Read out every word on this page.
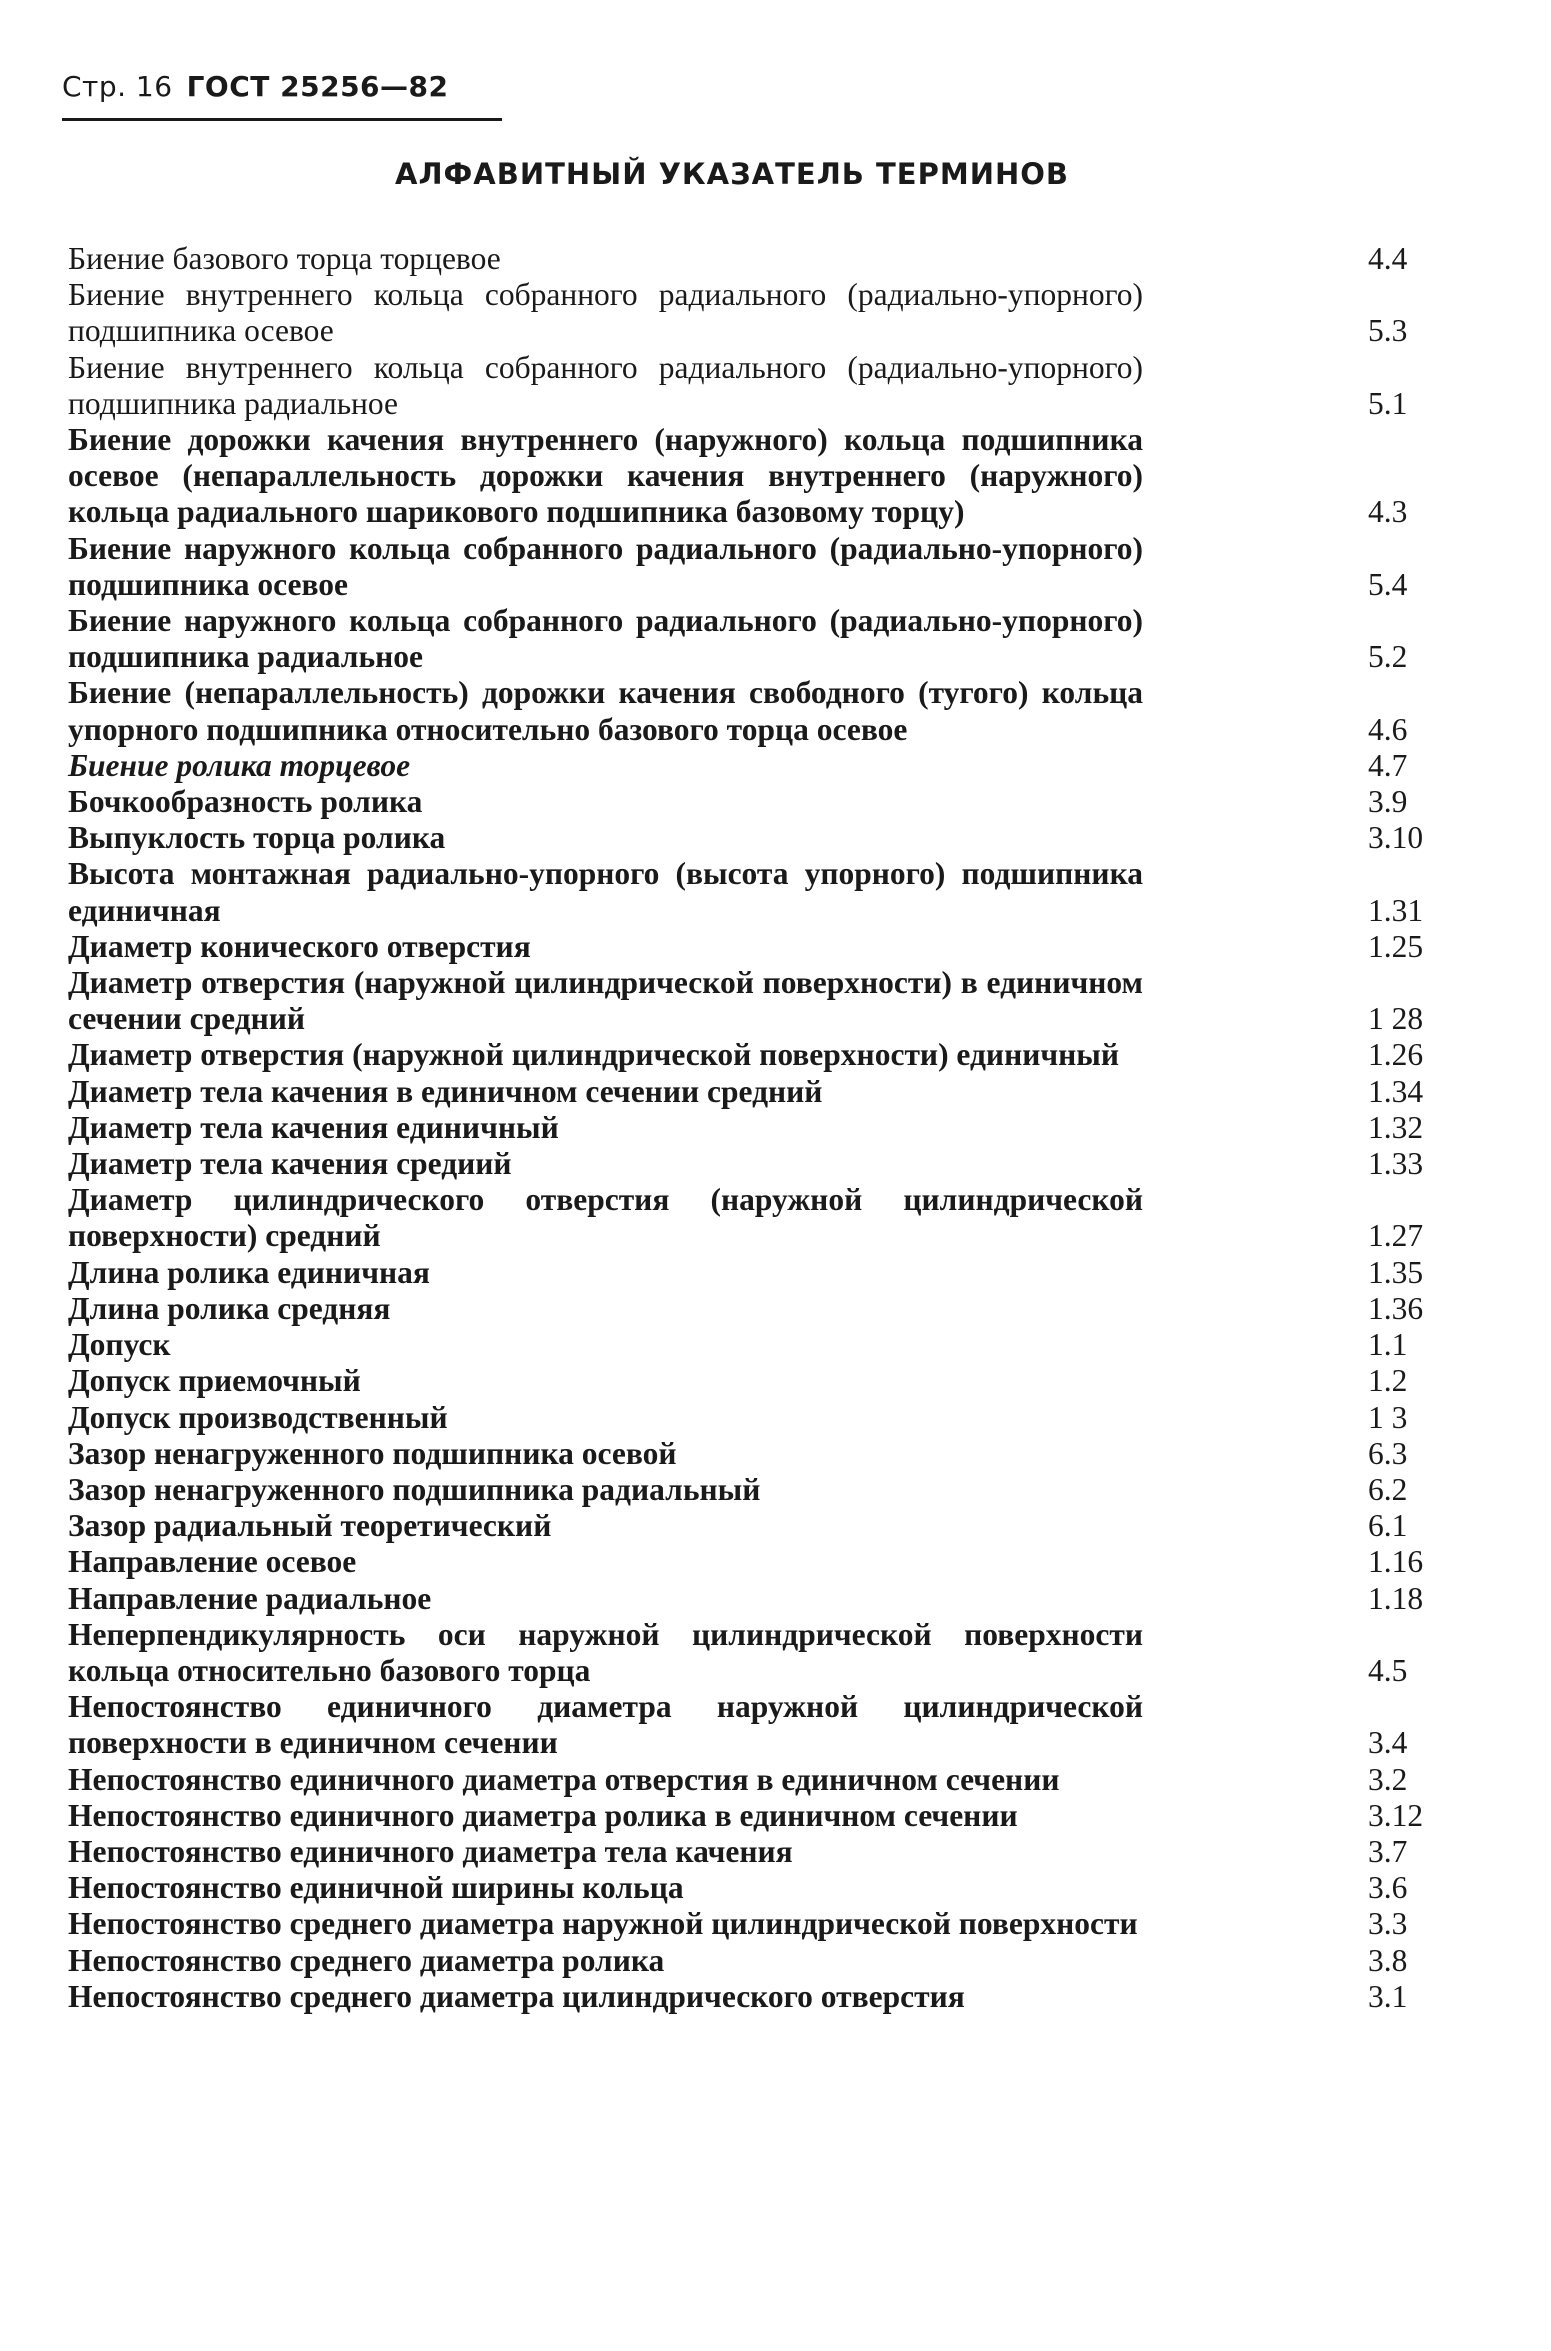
Стр. 16 ГОСТ 25256—82
АЛФАВИТНЫЙ УКАЗАТЕЛЬ ТЕРМИНОВ
Биение базового торца торцевое	4.4
Биение внутреннего кольца собранного радиального (радиально-упорного) подшипника осевое	5.3
Биение внутреннего кольца собранного радиального (радиально-упорного) подшипника радиальное	5.1
Биение дорожки качения внутреннего (наружного) кольца подшипника осевое (непараллельность дорожки качения внутреннего (наружного) кольца радиального шарикового подшипника базовому торцу)	4.3
Биение наружного кольца собранного радиального (радиально-упорного) подшипника осевое	5.4
Биение наружного кольца собранного радиального (радиально-упорного) подшипника радиальное	5.2
Биение (непараллельность) дорожки качения свободного (тугого) кольца упорного подшипника относительно базового торца осевое	4.6
Биение ролика торцевое	4.7
Бочкообразность ролика	3.9
Выпуклость торца ролика	3.10
Высота монтажная радиально-упорного (высота упорного) подшипника единичная	1.31
Диаметр конического отверстия	1.25
Диаметр отверстия (наружной цилиндрической поверхности) в единичном сечении средний	1 28
Диаметр отверстия (наружной цилиндрической поверхности) единичный	1.26
Диаметр тела качения в единичном сечении средний	1.34
Диаметр тела качения единичный	1.32
Диаметр тела качения средиий	1.33
Диаметр цилиндрического отверстия (наружной цилиндрической поверхности) средний	1.27
Длина ролика единичная	1.35
Длина ролика средняя	1.36
Допуск	1.1
Допуск приемочный	1.2
Допуск производственный	1 3
Зазор ненагруженного подшипника осевой	6.3
Зазор ненагруженного подшипника радиальный	6.2
Зазор радиальный теоретический	6.1
Направление осевое	1.16
Направление радиальное	1.18
Неперпендикулярность оси наружной цилиндрической поверхности кольца относительно базового торца	4.5
Непостоянство единичного диаметра наружной цилиндрической поверхности в единичном сечении	3.4
Непостоянство единичного диаметра отверстия в единичном сечении	3.2
Непостоянство единичного диаметра ролика в единичном сечении	3.12
Непостоянство единичного диаметра тела качения	3.7
Непостоянство единичной ширины кольца	3.6
Непостоянство среднего диаметра наружной цилиндрической поверхности	3.3
Непостоянство среднего диаметра ролика	3.8
Непостоянство среднего диаметра цилиндрического отверстия	3.1
